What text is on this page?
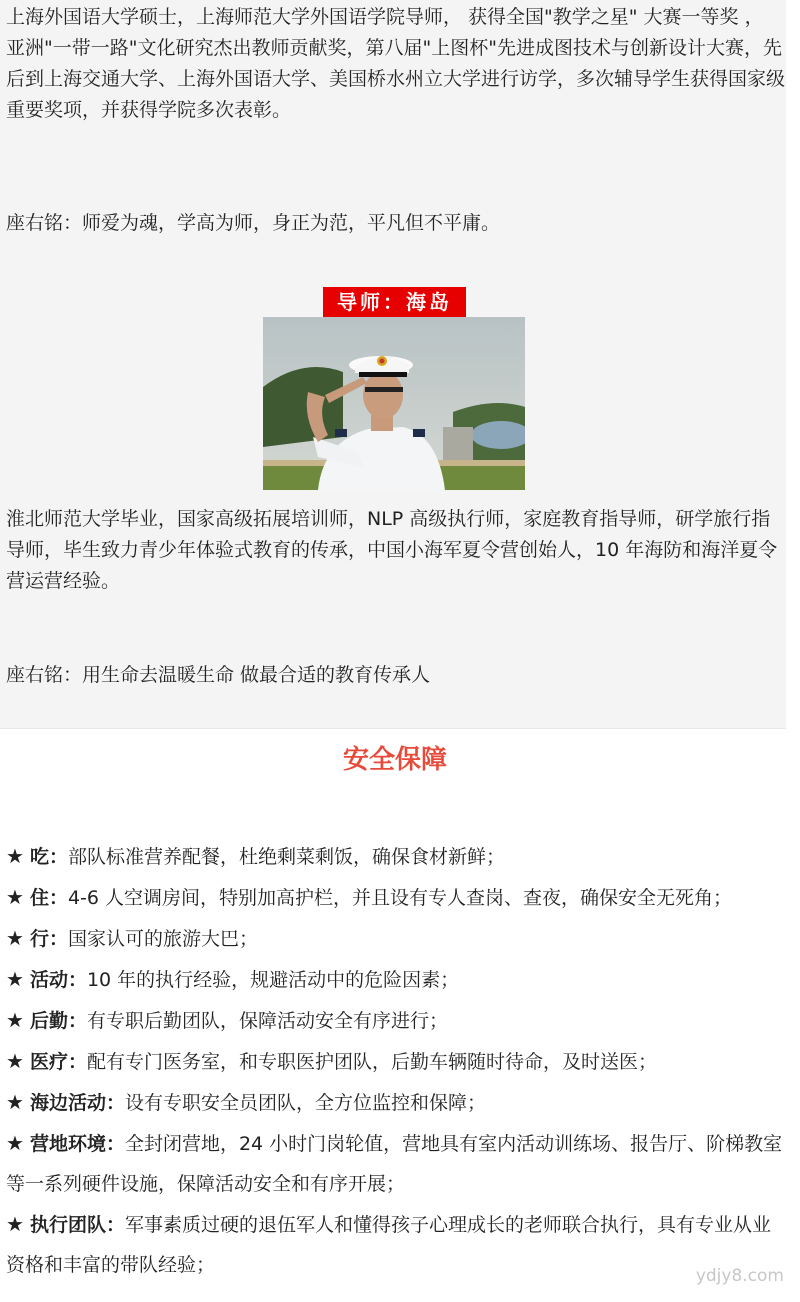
上海外国语大学硕士，上海师范大学外国语学院导师， 获得全国"教学之星" 大赛一等奖 ， 亚洲"一带一路"文化研究杰出教师贡献奖，第八届"上图杯"先进成图技术与创新设计大赛，先后到上海交通大学、上海外国语大学、美国桥水州立大学进行访学，多次辅导学生获得国家级重要奖项，并获得学院多次表彰。

座右铭：师爱为魂，学高为师，身正为范，平凡但不平庸。

导师：海岛

淮北师范大学毕业，国家高级拓展培训师，NLP 高级执行师，家庭教育指导师，研学旅行指导师，毕生致力青少年体验式教育的传承，中国小海军夏令营创始人，10 年海防和海洋夏令营运营经验。

座右铭：用生命去温暖生命 做最合适的教育传承人

安全保障
★ 吃：部队标准营养配餐，杜绝剩菜剩饭，确保食材新鲜；
★ 住：4-6 人空调房间，特别加高护栏，并且设有专人查岗、查夜，确保安全无死角；
★ 行：国家认可的旅游大巴；
★ 活动：10 年的执行经验，规避活动中的危险因素；
★ 后勤：有专职后勤团队，保障活动安全有序进行；
★ 医疗：配有专门医务室，和专职医护团队，后勤车辆随时待命，及时送医；
★ 海边活动：设有专职安全员团队，全方位监控和保障；
★ 营地环境：全封闭营地，24 小时门岗轮值，营地具有室内活动训练场、报告厅、阶梯教室等一系列硬件设施，保障活动安全和有序开展；
★ 执行团队：军事素质过硬的退伍军人和懂得孩子心理成长的老师联合执行，具有专业从业资格和丰富的带队经验；	ydjy8.com
